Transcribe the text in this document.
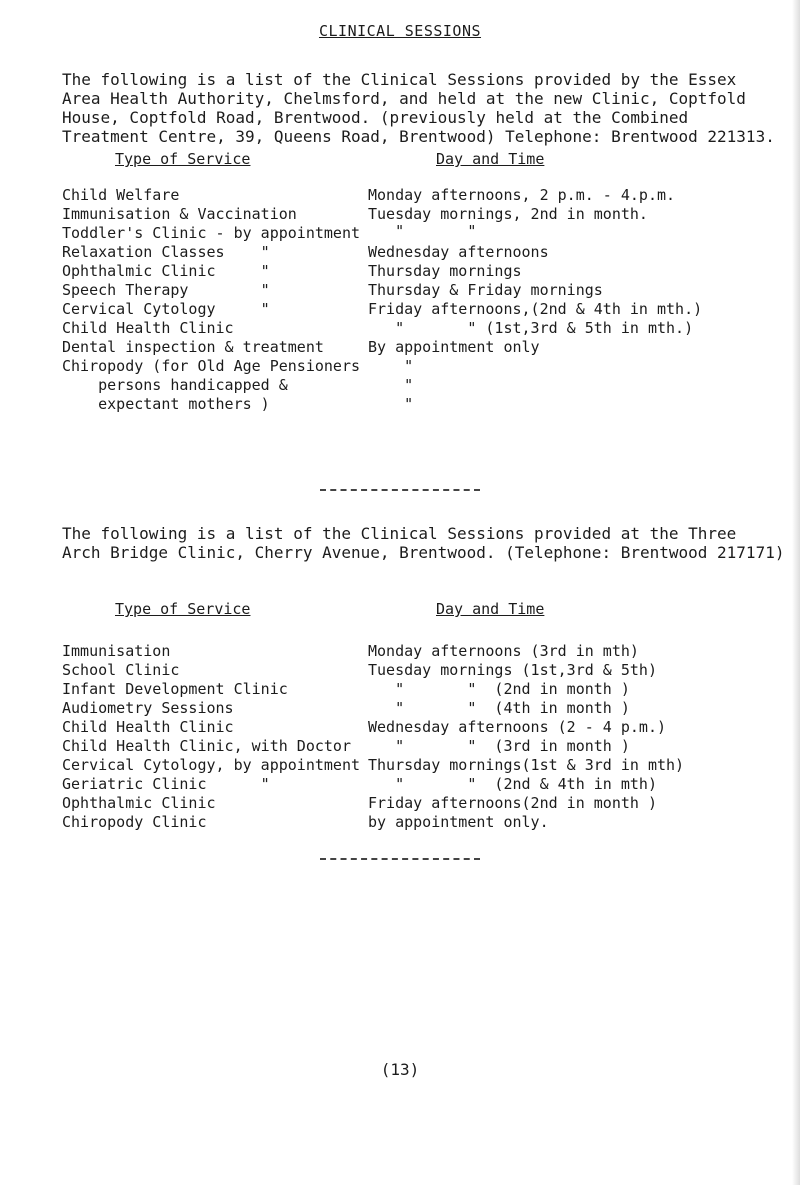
CLINICAL SESSIONS
The following is a list of the Clinical Sessions provided by the Essex
Area Health Authority, Chelmsford, and held at the new Clinic, Coptfold
House, Coptfold Road, Brentwood. (previously held at the Combined
Treatment Centre, 39, Queens Road, Brentwood) Telephone: Brentwood 221313.
Type of Service	Day and Time
Child Welfare
Immunisation & Vaccination
Toddler's Clinic - by appointment
Relaxation Classes    "
Ophthalmic Clinic     "
Speech Therapy        "
Cervical Cytology     "
Child Health Clinic
Dental inspection & treatment
Chiropody (for Old Age Pensioners
persons handicapped &
expectant mothers )
Monday afternoons, 2 p.m. - 4.p.m.
Tuesday mornings, 2nd in month.
"       "
Wednesday afternoons
Thursday mornings
Thursday & Friday mornings
Friday afternoons,(2nd & 4th in mth.)
"       " (1st,3rd & 5th in mth.)
By appointment only
"
"
"
The following is a list of the Clinical Sessions provided at the Three
Arch Bridge Clinic, Cherry Avenue, Brentwood. (Telephone: Brentwood 217171)
Type of Service	Day and Time
Immunisation
School Clinic
Infant Development Clinic
Audiometry Sessions
Child Health Clinic
Child Health Clinic, with Doctor
Cervical Cytology, by appointment
Geriatric Clinic      "
Ophthalmic Clinic
Chiropody Clinic
Monday afternoons (3rd in mth)
Tuesday mornings (1st,3rd & 5th)
"       "  (2nd in month )
"       "  (4th in month )
Wednesday afternoons (2 - 4 p.m.)
"       "  (3rd in month )
Thursday mornings(1st & 3rd in mth)
"       "  (2nd & 4th in mth)
Friday afternoons(2nd in month )
by appointment only.
(13)
